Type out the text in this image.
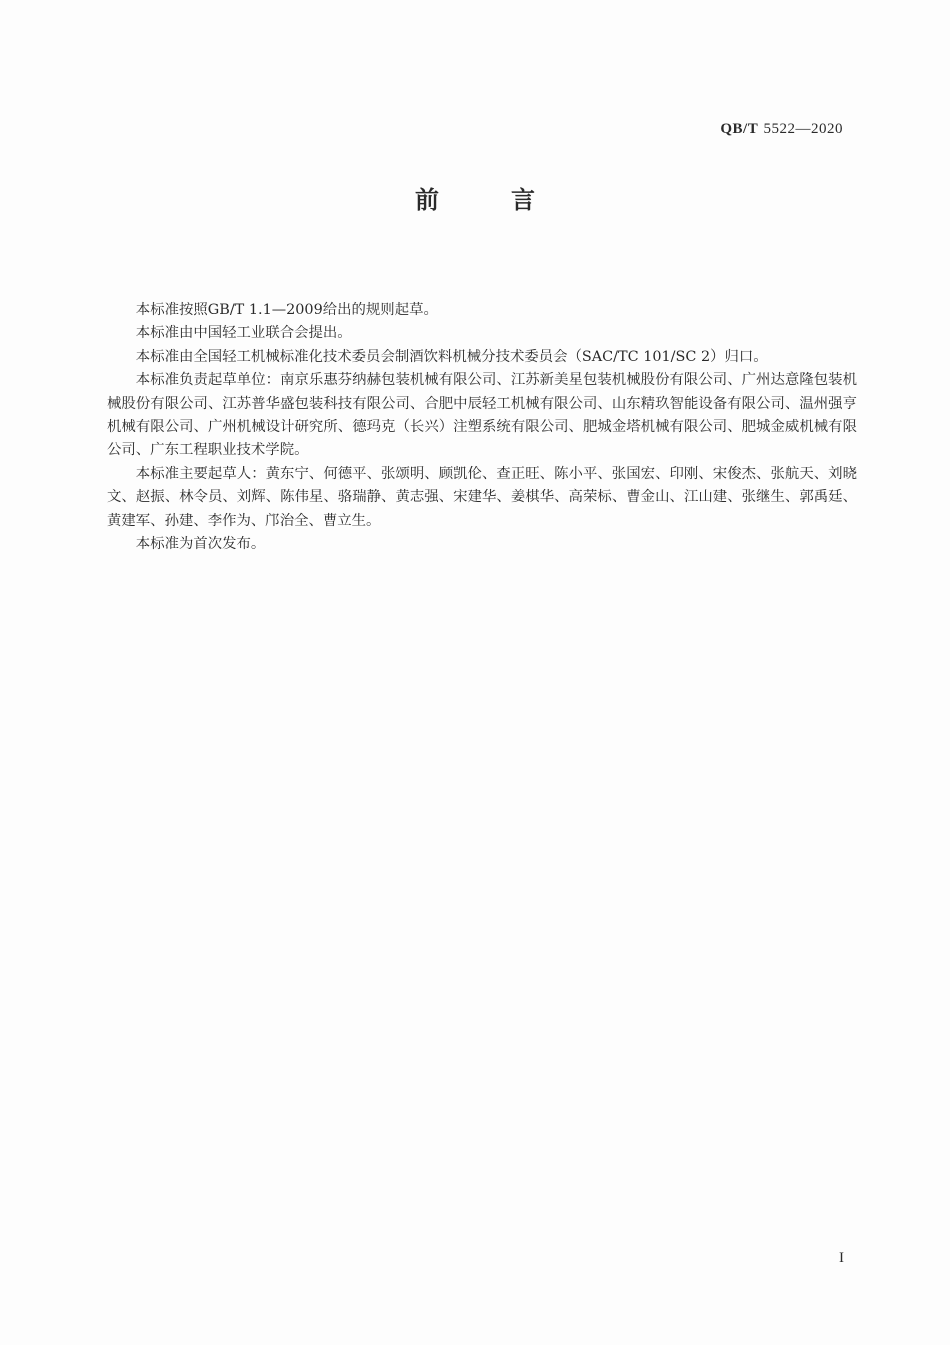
QB/T 5522—2020
前　言

本标准按照GB/T 1.1—2009给出的规则起草。

本标准由中国轻工业联合会提出。

本标准由全国轻工机械标准化技术委员会制酒饮料机械分技术委员会（SAC/TC 101/SC 2）归口。

本标准负责起草单位：南京乐惠芬纳赫包装机械有限公司、江苏新美星包装机械股份有限公司、广州达意隆包装机械股份有限公司、江苏普华盛包装科技有限公司、合肥中辰轻工机械有限公司、山东精玖智能设备有限公司、温州强亨机械有限公司、广州机械设计研究所、德玛克（长兴）注塑系统有限公司、肥城金塔机械有限公司、肥城金威机械有限公司、广东工程职业技术学院。

本标准主要起草人：黄东宁、何德平、张颂明、顾凯伦、查正旺、陈小平、张国宏、印刚、宋俊杰、张航天、刘晓文、赵振、林令员、刘辉、陈伟星、骆瑞静、黄志强、宋建华、姜棋华、高荣标、曹金山、江山建、张继生、郭禹廷、黄建军、孙建、李作为、邝治全、曹立生。

本标准为首次发布。

I
